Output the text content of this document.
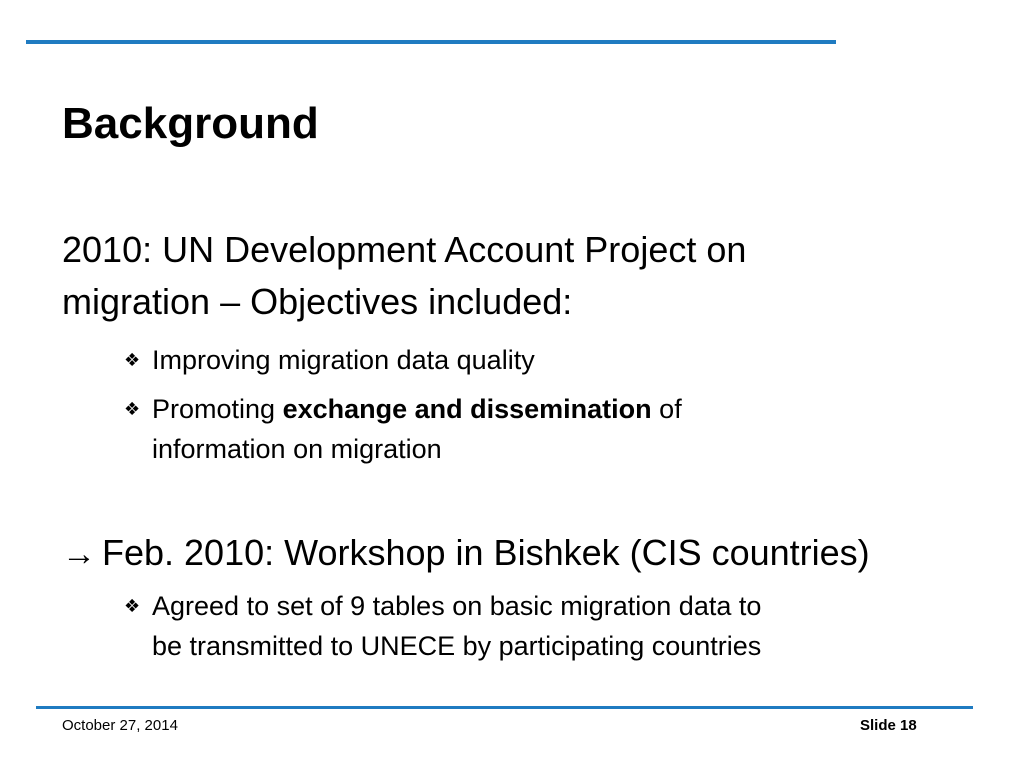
Background
2010: UN Development Account Project on
migration – Objectives included:
❖ Improving migration data quality
❖ Promoting exchange and dissemination of
information on migration
→ Feb. 2010: Workshop in Bishkek (CIS countries)
❖ Agreed to set of 9 tables on basic migration data to
be transmitted to UNECE by participating countries
October 27, 2014	Slide 18
